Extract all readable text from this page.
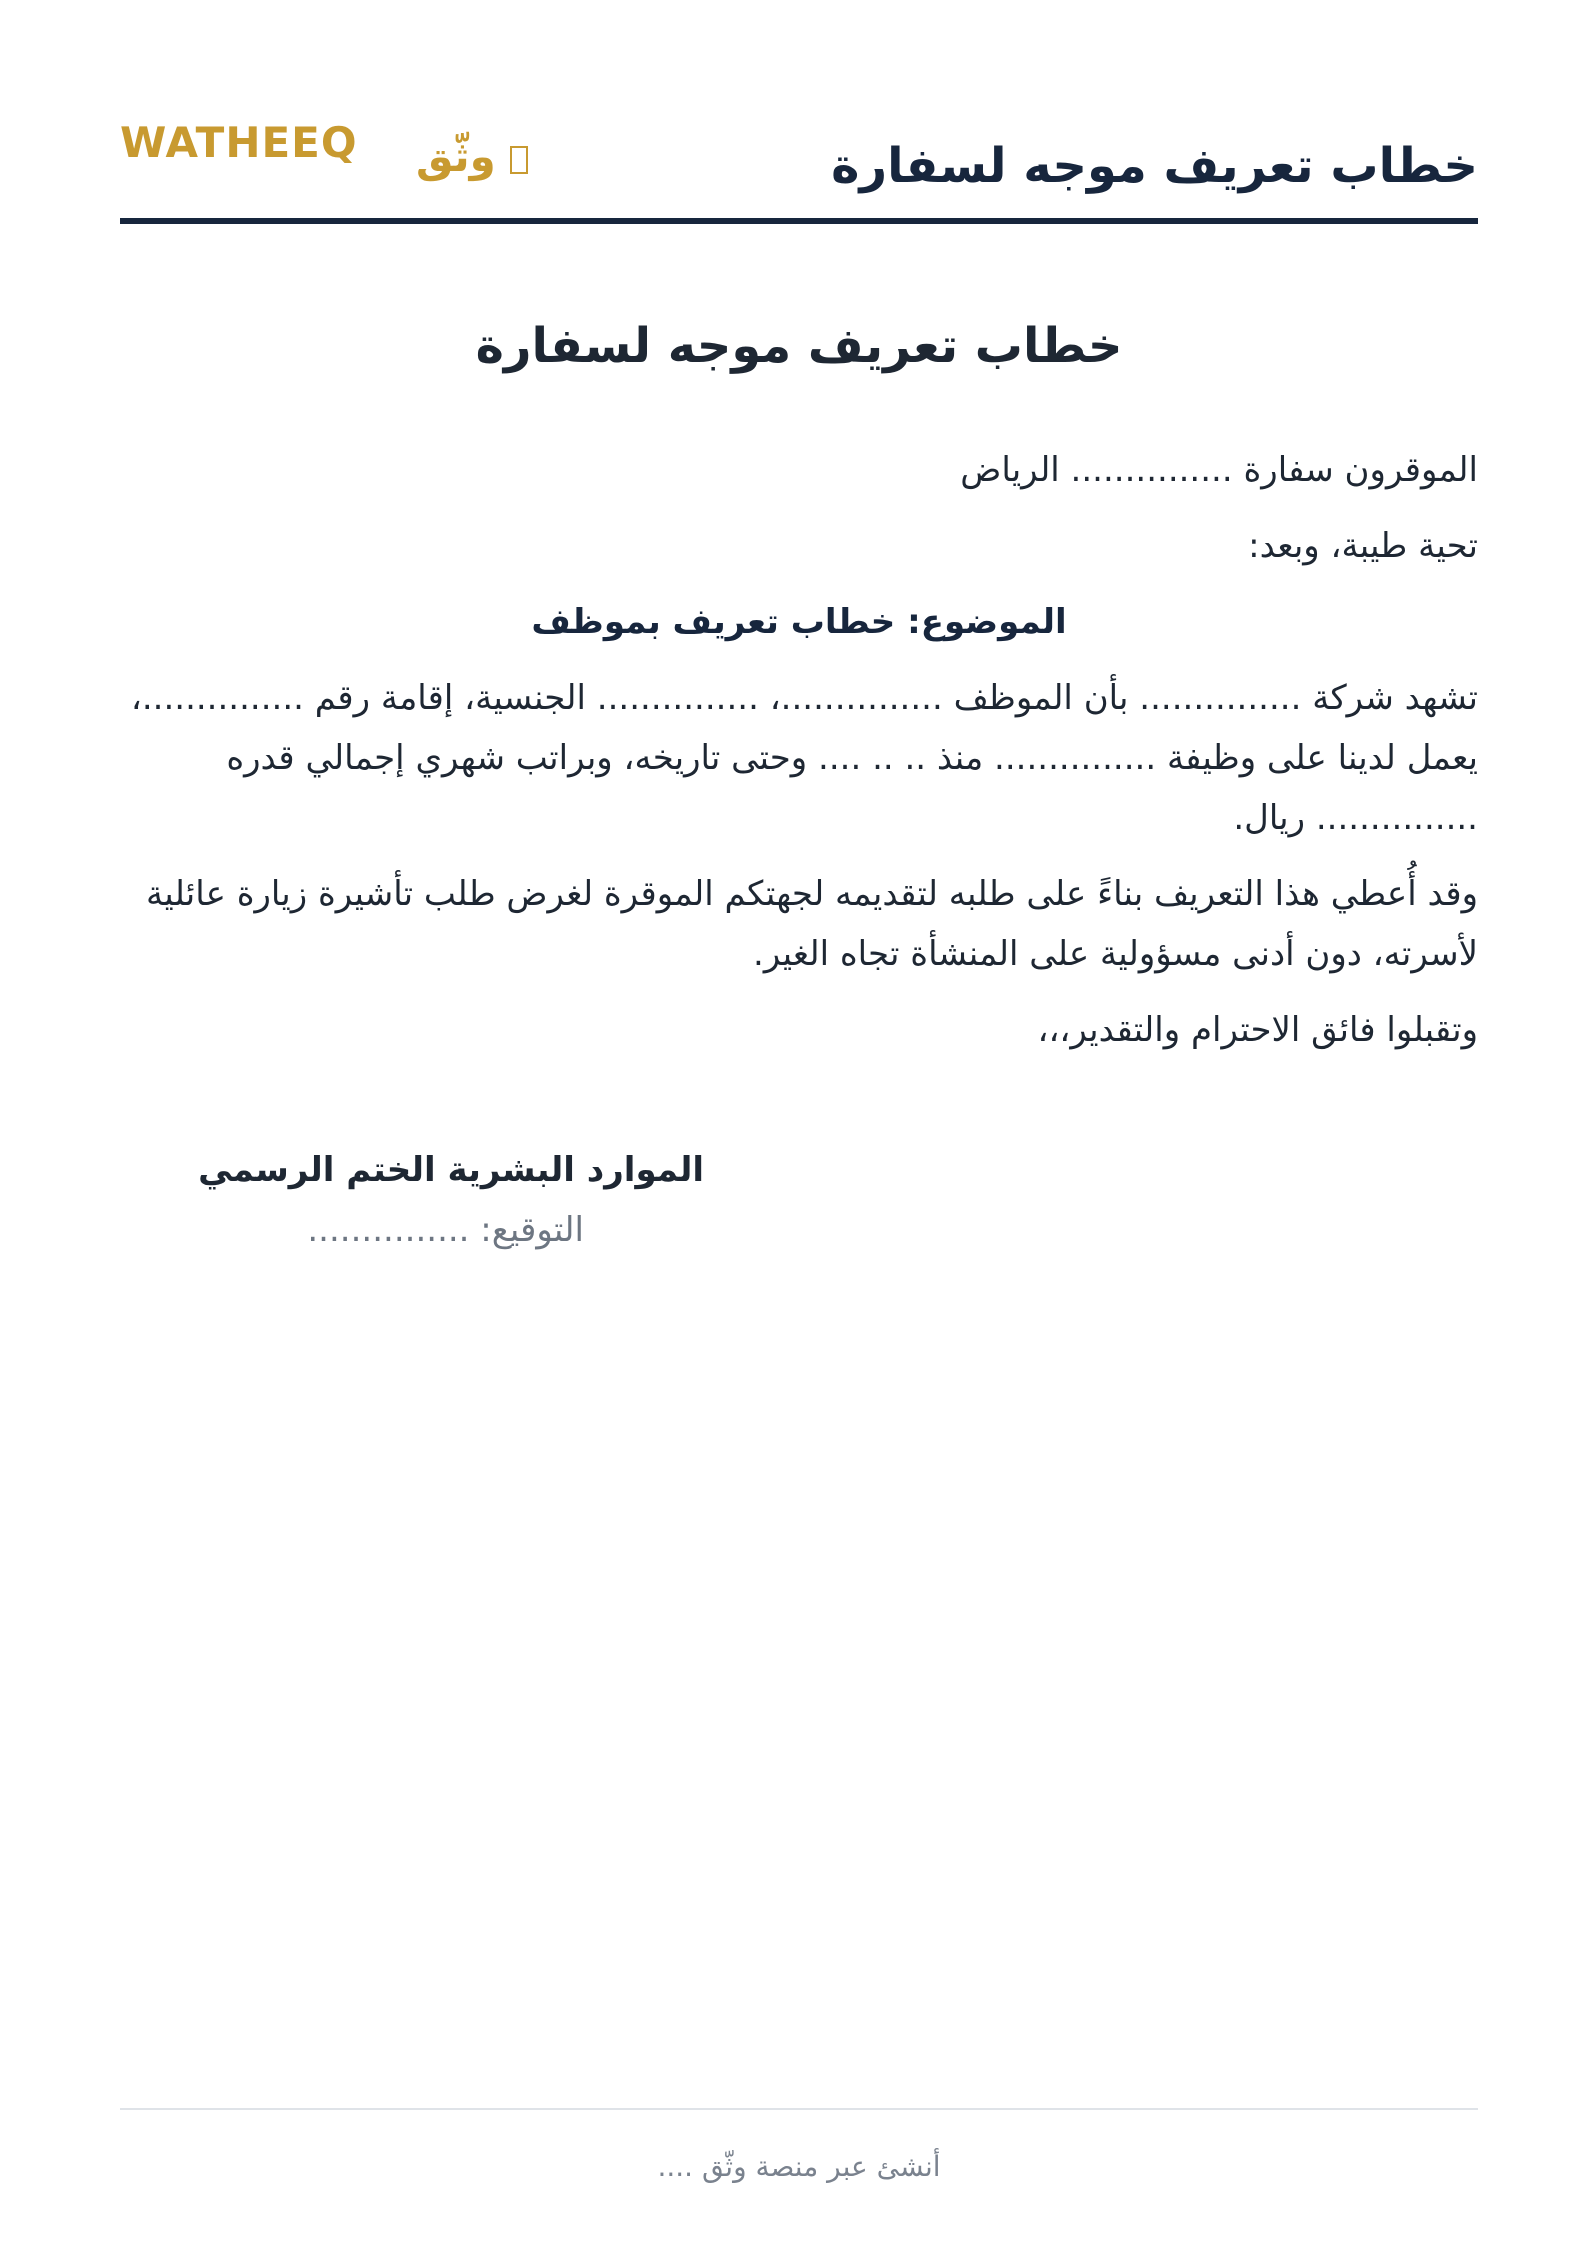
خطاب تعريف موجه لسفارة
WATHEEQ وثّق
خطاب تعريف موجه لسفارة

الموقرون سفارة ............... الرياض

تحية طيبة، وبعد:

الموضوع: خطاب تعريف بموظف

تشهد شركة ............... بأن الموظف ...............، ............... الجنسية، إقامة رقم ...............، يعمل لدينا على وظيفة ............... منذ .. .. .... وحتى تاريخه، وبراتب شهري إجمالي قدره ............... ريال.

وقد أُعطي هذا التعريف بناءً على طلبه لتقديمه لجهتكم الموقرة لغرض طلب تأشيرة زيارة عائلية لأسرته، دون أدنى مسؤولية على المنشأة تجاه الغير.

وتقبلوا فائق الاحترام والتقدير،،،

الموارد البشرية الختم الرسمي
التوقيع: ...............
أنشئ عبر منصة وثّق ....
